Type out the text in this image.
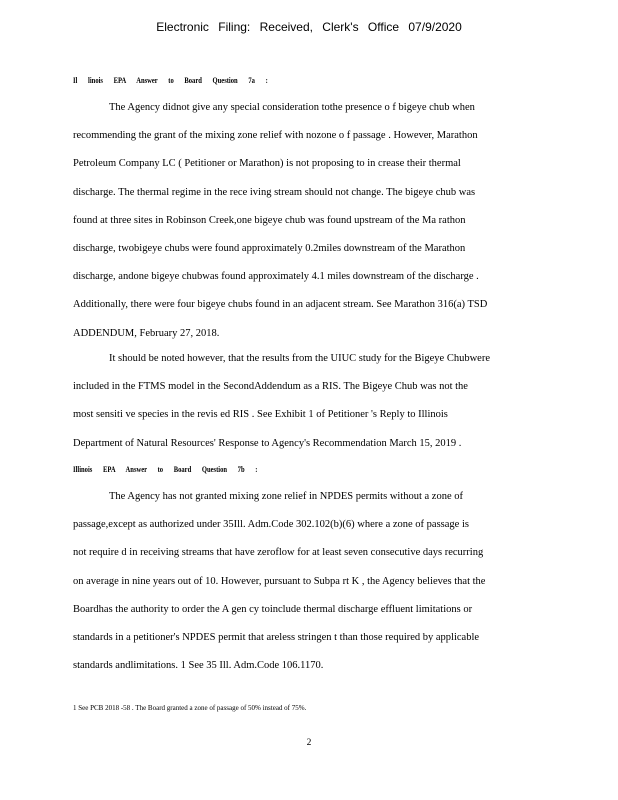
Electronic Filing: Received, Clerk's Office 07/9/2020
Il linois EPA Answer to Board Question 7a :
The Agency didnot give any special consideration tothe presence o f bigeye chub when
recommending the grant of the mixing zone relief with nozone o f passage . However, Marathon
Petroleum Company LC ( Petitioner or Marathon) is not proposing to in crease their thermal
discharge. The thermal regime in the rece iving stream should not change. The bigeye chub was
found at three sites in Robinson Creek,one bigeye chub was found upstream of the Ma rathon
discharge, twobigeye chubs were found approximately 0.2miles downstream of the Marathon
discharge, andone bigeye chubwas found approximately 4.1 miles downstream of the discharge .
Additionally, there were four bigeye chubs found in an adjacent stream. See Marathon 316(a) TSD
ADDENDUM, February 27, 2018.
It should be noted however, that the results from the UIUC study for the Bigeye Chubwere
included in the FTMS model in the SecondAddendum as a RIS. The Bigeye Chub was not the
most sensiti ve species in the revis ed RIS . See Exhibit 1 of Petitioner 's Reply to Illinois
Department of Natural Resources' Response to Agency's Recommendation March 15, 2019 .
Illinois EPA Answer to Board Question 7b :
The Agency has not granted mixing zone relief in NPDES permits without a zone of
passage,except as authorized under 35Ill. Adm.Code 302.102(b)(6) where a zone of passage is
not require d in receiving streams that have zeroflow for at least seven consecutive days recurring
on average in nine years out of 10. However, pursuant to Subpa rt K , the Agency believes that the
Boardhas the authority to order the A gen cy toinclude thermal discharge effluent limitations or
standards in a petitioner's NPDES permit that areless stringen t than those required by applicable
standards andlimitations. 1 See 35 Ill. Adm.Code 106.1170.
1 See PCB 2018 -58 . The Board granted a zone of passage of 50% instead of 75%.
2
